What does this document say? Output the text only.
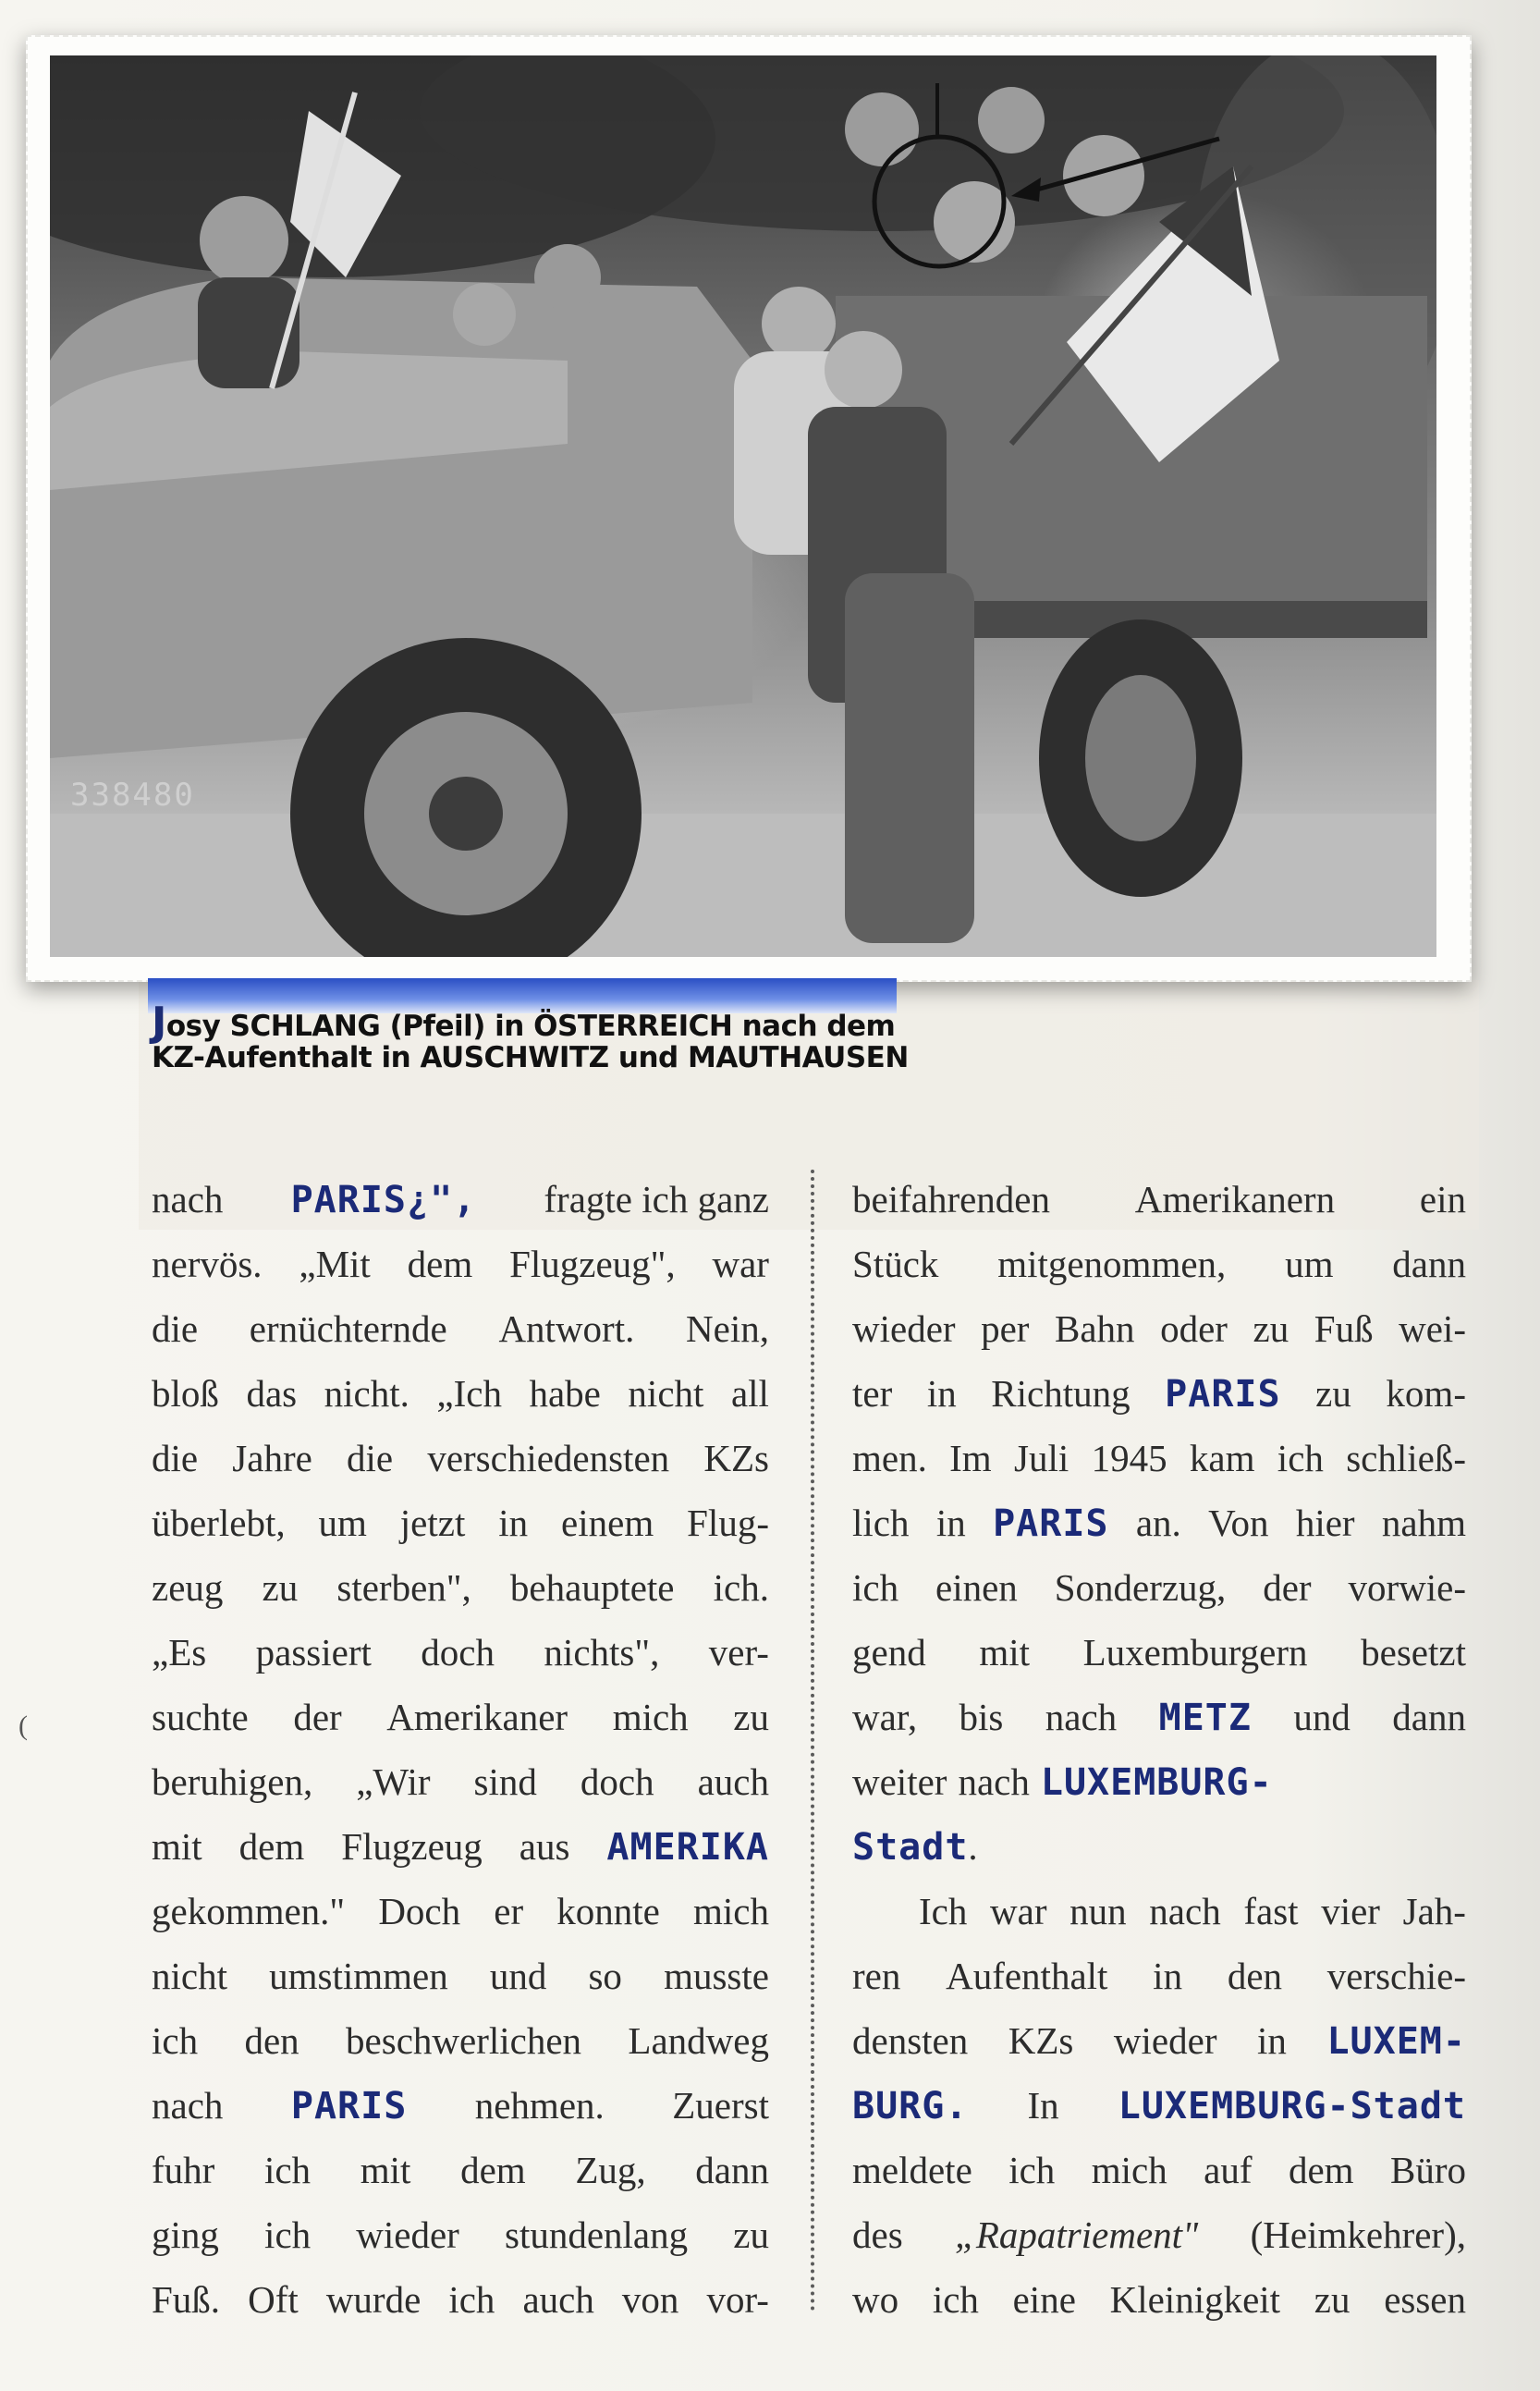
338480
Josy SCHLANG (Pfeil) in ÖSTERREICH nach dem
KZ-Aufenthalt in AUSCHWITZ und MAUTHAUSEN
nach PARIS¿", fragte ich ganz
nervös. „Mit dem Flugzeug", war
die ernüchternde Antwort. Nein,
bloß das nicht. „Ich habe nicht all
die Jahre die verschiedensten KZs
überlebt, um jetzt in einem Flug-
zeug zu sterben", behauptete ich.
„Es passiert doch nichts", ver-
suchte der Amerikaner mich zu
beruhigen, „Wir sind doch auch
mit dem Flugzeug aus AMERIKA
gekommen." Doch er konnte mich
nicht umstimmen und so musste
ich den beschwerlichen Landweg
nach PARIS nehmen. Zuerst
fuhr ich mit dem Zug, dann
ging ich wieder stundenlang zu
Fuß. Oft wurde ich auch von vor-
beifahrenden Amerikanern ein
Stück mitgenommen, um dann
wieder per Bahn oder zu Fuß wei-
ter in Richtung PARIS zu kom-
men. Im Juli 1945 kam ich schließ-
lich in PARIS an. Von hier nahm
ich einen Sonderzug, der vorwie-
gend mit Luxemburgern besetzt
war, bis nach METZ und dann
weiter nach LUXEMBURG-
Stadt .
Ich war nun nach fast vier Jah-
ren Aufenthalt in den verschie-
densten KZs wieder in LUXEM-
BURG. In LUXEMBURG-Stadt
meldete ich mich auf dem Büro
des „Rapatriement" (Heimkehrer),
wo ich eine Kleinigkeit zu essen
(
